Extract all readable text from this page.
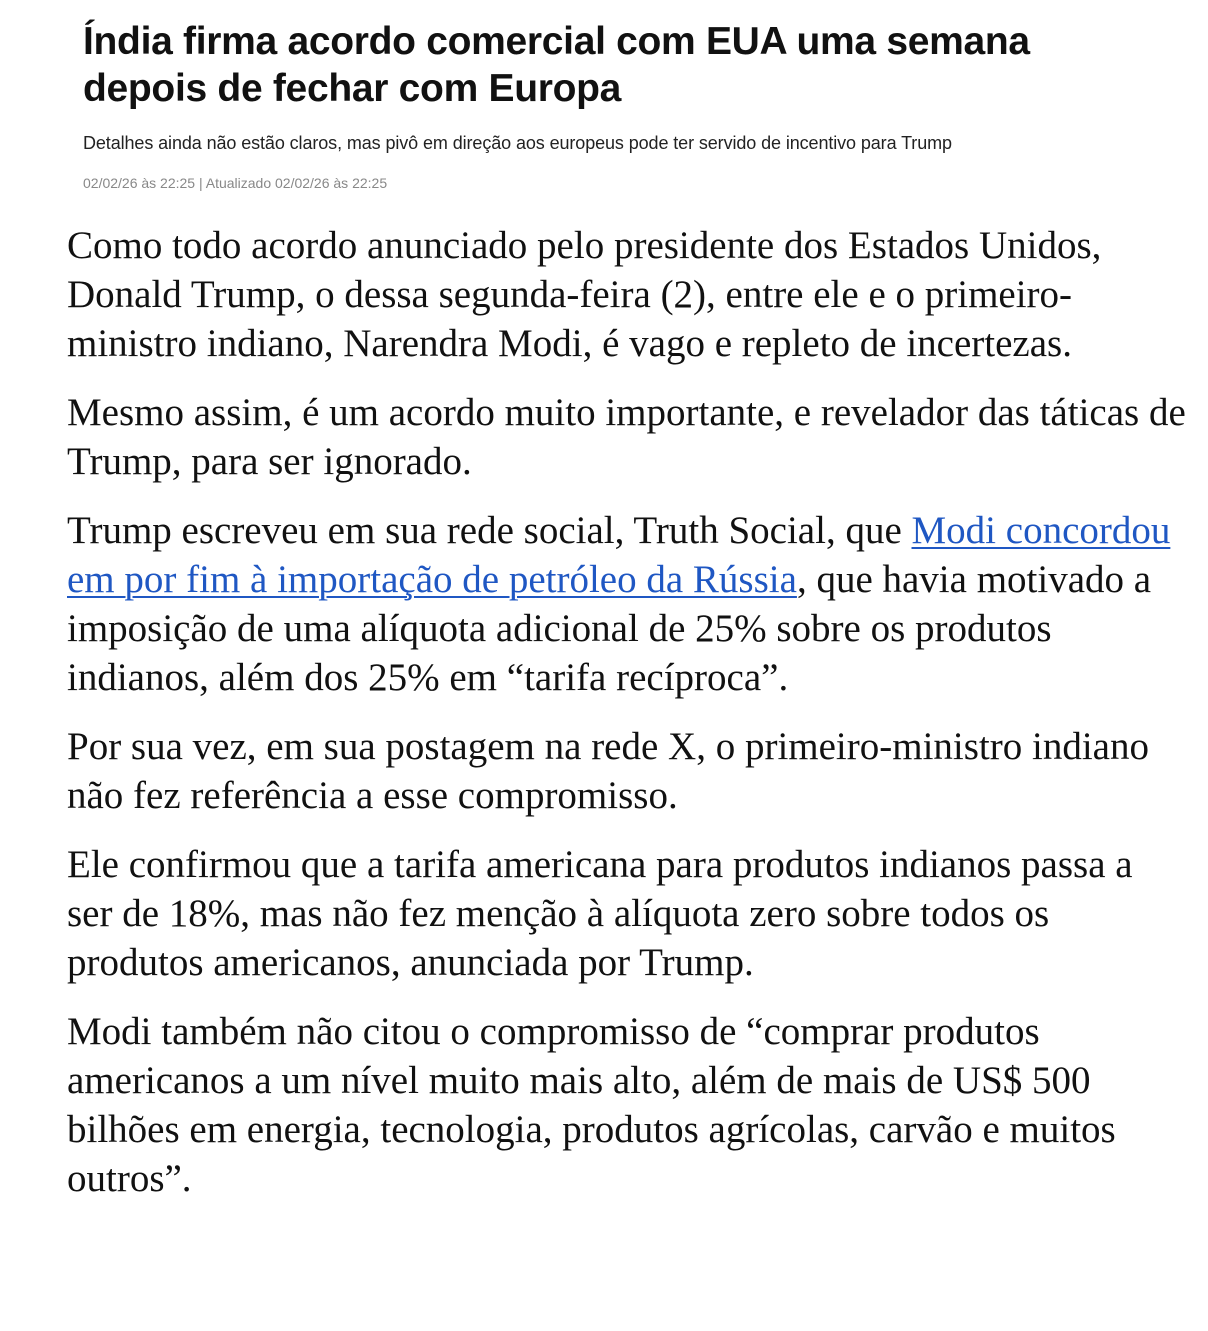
Índia firma acordo comercial com EUA uma semana depois de fechar com Europa

Detalhes ainda não estão claros, mas pivô em direção aos europeus pode ter servido de incentivo para Trump

02/02/26 às 22:25 | Atualizado 02/02/26 às 22:25

Como todo acordo anunciado pelo presidente dos Estados Unidos, Donald Trump, o dessa segunda-feira (2), entre ele e o primeiro-ministro indiano, Narendra Modi, é vago e repleto de incertezas.

Mesmo assim, é um acordo muito importante, e revelador das táticas de Trump, para ser ignorado.

Trump escreveu em sua rede social, Truth Social, que Modi concordou em por fim à importação de petróleo da Rússia, que havia motivado a imposição de uma alíquota adicional de 25% sobre os produtos indianos, além dos 25% em “tarifa recíproca”.

Por sua vez, em sua postagem na rede X, o primeiro-ministro indiano não fez referência a esse compromisso.

Ele confirmou que a tarifa americana para produtos indianos passa a ser de 18%, mas não fez menção à alíquota zero sobre todos os produtos americanos, anunciada por Trump.

Modi também não citou o compromisso de “comprar produtos americanos a um nível muito mais alto, além de mais de US$ 500 bilhões em energia, tecnologia, produtos agrícolas, carvão e muitos outros”.
